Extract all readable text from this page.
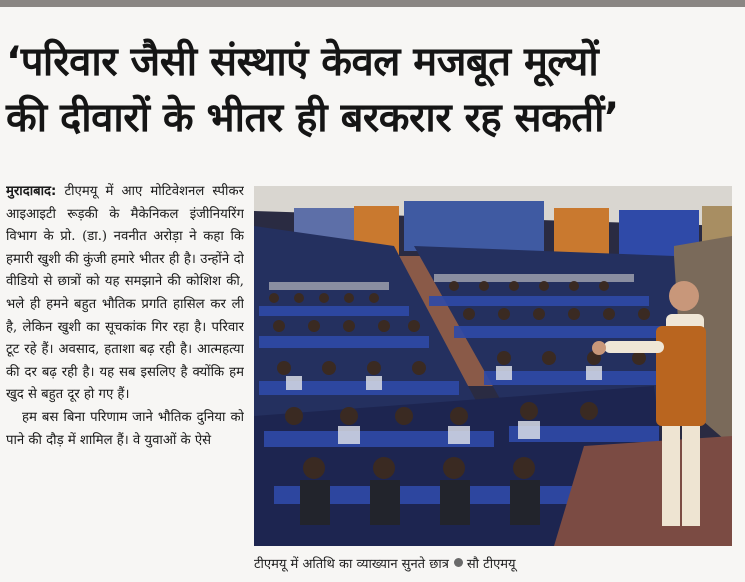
‘परिवार जैसी संस्थाएं केवल मजबूत मूल्यों
की दीवारों के भीतर ही बरकरार रह सकतीं’

मुरादाबाद: टीएमयू में आए मोटिवेशनल स्पीकर आइआइटी रूड़की के मैकेनिकल इंजीनियरिंग विभाग के प्रो. (डा.) नवनीत अरोड़ा ने कहा कि हमारी खुशी की कुंजी हमारे भीतर ही है। उन्होंने दो वीडियो से छात्रों को यह समझाने की कोशिश की, भले ही हमने बहुत भौतिक प्रगति हासिल कर ली है, लेकिन खुशी का सूचकांक गिर रहा है। परिवार टूट रहे हैं। अवसाद, हताशा बढ़ रही है। आत्महत्या की दर बढ़ रही है। यह सब इसलिए है क्योंकि हम खुद से बहुत दूर हो गए हैं।

हम बस बिना परिणाम जाने भौतिक दुनिया को पाने की दौड़ में शामिल हैं। वे युवाओं के ऐसे

टीएमयू में अतिथि का व्याख्यान सुनते छात्र सौ टीएमयू
